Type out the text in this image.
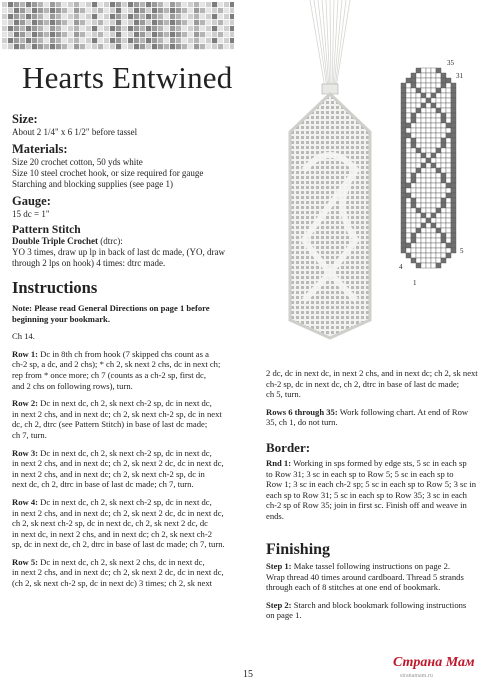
Hearts Entwined	35
31
5
4
1
Size:
About 2 1/4" x 6 1/2" before tassel
Materials:
Size 20 crochet cotton, 50 yds white
Size 10 steel crochet hook, or size required for gauge
Starching and blocking supplies (see page 1)
Gauge:
15 dc = 1"
Pattern Stitch
Double Triple Crochet (dtrc):
YO 3 times, draw up lp in back of last dc made, (YO, draw
through 2 lps on hook) 4 times: dtrc made.
Instructions

Note: Please read General Directions on page 1 before
beginning your bookmark.

Ch 14.

Row 1: Dc in 8th ch from hook (7 skipped chs count as a
ch-2 sp, a dc, and 2 chs); * ch 2, sk next 2 chs, dc in next ch;
rep from * once more; ch 7 (counts as a ch-2 sp, first dc,
and 2 chs on following rows), turn.

Row 2: Dc in next dc, ch 2, sk next ch-2 sp, dc in next dc,
in next 2 chs, and in next dc; ch 2, sk next ch-2 sp, dc in next
dc, ch 2, dtrc (see Pattern Stitch) in base of last dc made;
ch 7, turn.

Row 3: Dc in next dc, ch 2, sk next ch-2 sp, dc in next dc,
in next 2 chs, and in next dc; ch 2, sk next 2 dc, dc in next dc,
in next 2 chs, and in next dc; ch 2, sk next ch-2 sp, dc in
next dc, ch 2, dtrc in base of last dc made; ch 7, turn.

Row 4: Dc in next dc, ch 2, sk next ch-2 sp, dc in next dc,
in next 2 chs, and in next dc; ch 2, sk next 2 dc, dc in next dc,
ch 2, sk next ch-2 sp, dc in next dc, ch 2, sk next 2 dc, dc
in next dc, in next 2 chs, and in next dc; ch 2, sk next ch-2
sp, dc in next dc, ch 2, dtrc in base of last dc made; ch 7, turn.

Row 5: Dc in next dc, ch 2, sk next 2 chs, dc in next dc,
in next 2 chs, and in next dc; ch 2, sk next 2 dc, dc in next dc,
(ch 2, sk next ch-2 sp, dc in next dc) 3 times; ch 2, sk next

2 dc, dc in next dc, in next 2 chs, and in next dc; ch 2, sk next
ch-2 sp, dc in next dc, ch 2, dtrc in base of last dc made;
ch 5, turn.

Rows 6 through 35: Work following chart. At end of Row
35, ch 1, do not turn.

Border:
Rnd 1: Working in sps formed by edge sts, 5 sc in each sp
to Row 31; 3 sc in each sp to Row 5; 5 sc in each sp to
Row 1; 3 sc in each ch-2 sp; 5 sc in each sp to Row 5; 3 sc in
each sp to Row 31; 5 sc in each sp to Row 35; 3 sc in each
ch-2 sp of Row 35; join in first sc. Finish off and weave in
ends.
Finishing

Step 1: Make tassel following instructions on page 2.
Wrap thread 40 times around cardboard. Thread 5 strands
through each of 8 stitches at one end of bookmark.

Step 2: Starch and block bookmark following instructions
on page 1.

15
Страна Мам
stranamam.ru
